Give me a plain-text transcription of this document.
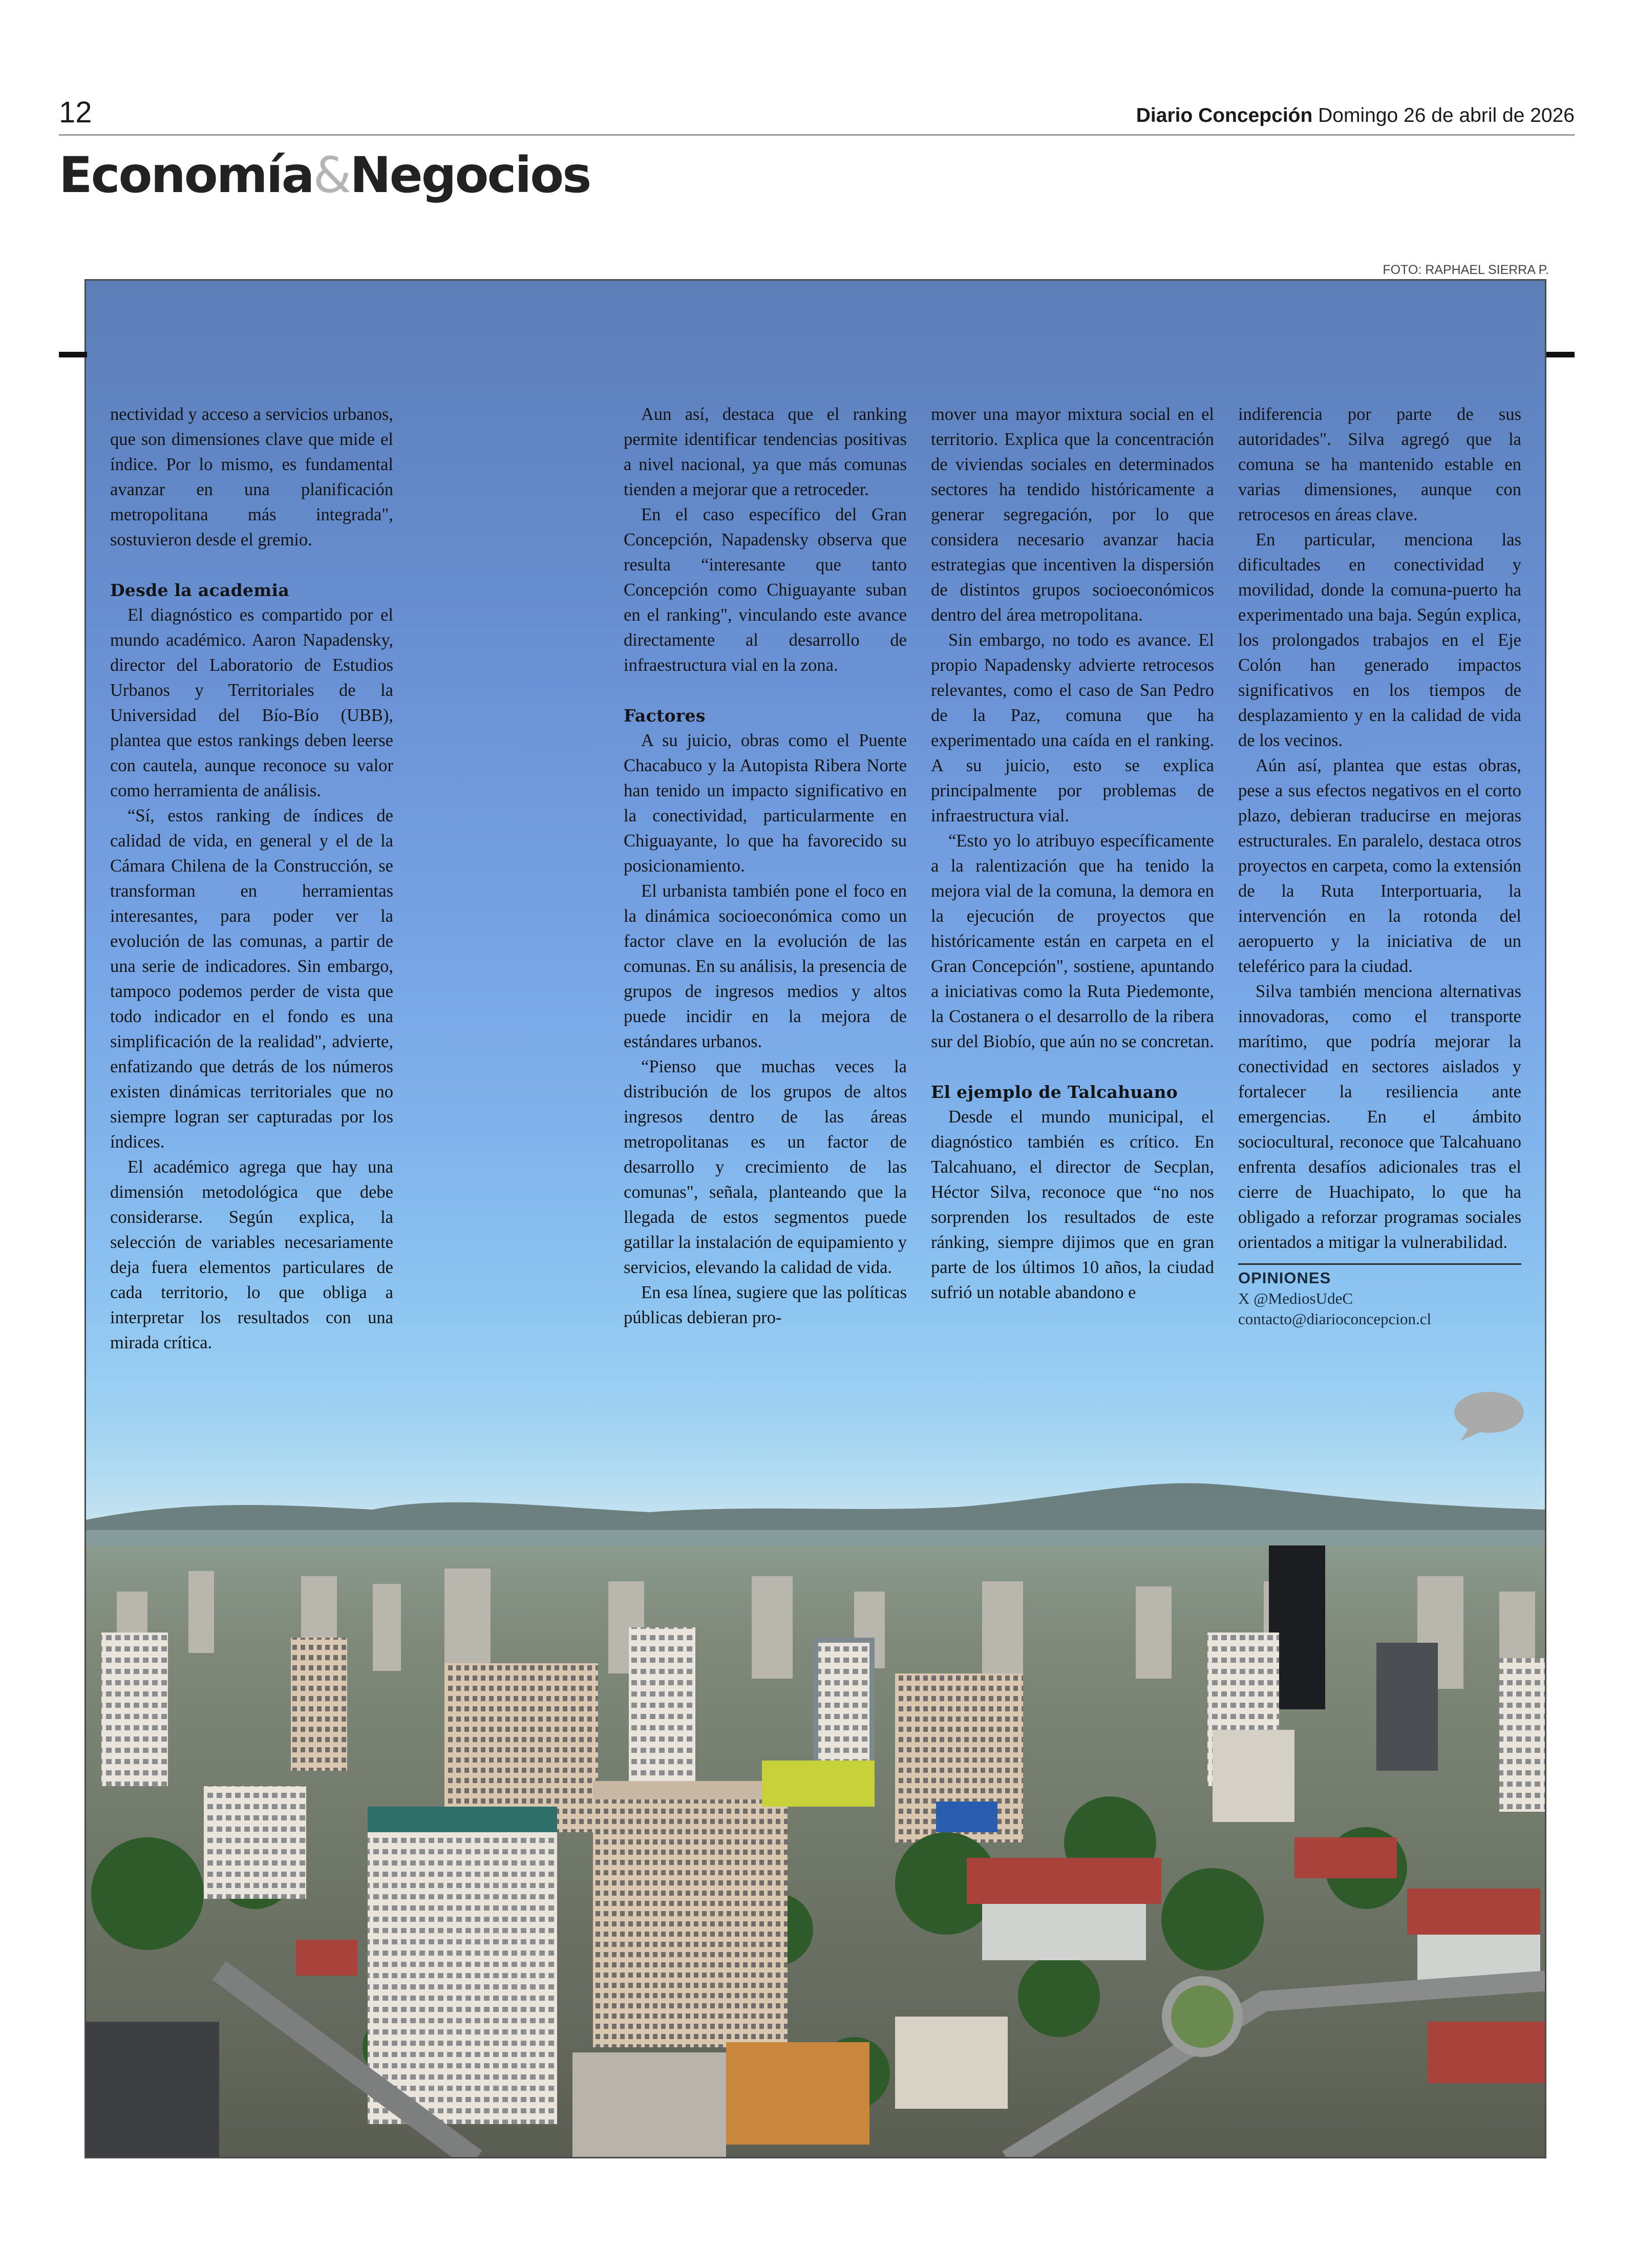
12	Diario Concepción Domingo 26 de abril de 2026
Economía&Negocios
FOTO: RAPHAEL SIERRA P.

nectividad y acceso a servicios urbanos, que son dimensiones clave que mide el índice. Por lo mismo, es fundamental avanzar en una planificación metropolitana más integrada", sostuvieron desde el gremio.

Desde la academia

El diagnóstico es compartido por el mundo académico. Aaron Napadensky, director del Laboratorio de Estudios Urbanos y Territoriales de la Universidad del Bío-Bío (UBB), plantea que estos rankings deben leerse con cautela, aunque reconoce su valor como herramienta de análisis.

“Sí, estos ranking de índices de calidad de vida, en general y el de la Cámara Chilena de la Construcción, se transforman en herramientas interesantes, para poder ver la evolución de las comunas, a partir de una serie de indicadores. Sin embargo, tampoco podemos perder de vista que todo indicador en el fondo es una simplificación de la realidad", advierte, enfatizando que detrás de los números existen dinámicas territoriales que no siempre logran ser capturadas por los índices.

El académico agrega que hay una dimensión metodológica que debe considerarse. Según explica, la selección de variables necesariamente deja fuera elementos particulares de cada territorio, lo que obliga a interpretar los resultados con una mirada crítica.

Aun así, destaca que el ranking permite identificar tendencias positivas a nivel nacional, ya que más comunas tienden a mejorar que a retroceder.

En el caso específico del Gran Concepción, Napadensky observa que resulta “interesante que tanto Concepción como Chiguayante suban en el ranking", vinculando este avance directamente al desarrollo de infraestructura vial en la zona.

Factores

A su juicio, obras como el Puente Chacabuco y la Autopista Ribera Norte han tenido un impacto significativo en la conectividad, particularmente en Chiguayante, lo que ha favorecido su posicionamiento.

El urbanista también pone el foco en la dinámica socioeconómica como un factor clave en la evolución de las comunas. En su análisis, la presencia de grupos de ingresos medios y altos puede incidir en la mejora de estándares urbanos.

“Pienso que muchas veces la distribución de los grupos de altos ingresos dentro de las áreas metropolitanas es un factor de desarrollo y crecimiento de las comunas", señala, planteando que la llegada de estos segmentos puede gatillar la instalación de equipamiento y servicios, elevando la calidad de vida.

En esa línea, sugiere que las políticas públicas debieran pro-

mover una mayor mixtura social en el territorio. Explica que la concentración de viviendas sociales en determinados sectores ha tendido históricamente a generar segregación, por lo que considera necesario avanzar hacia estrategias que incentiven la dispersión de distintos grupos socioeconómicos dentro del área metropolitana.

Sin embargo, no todo es avance. El propio Napadensky advierte retrocesos relevantes, como el caso de San Pedro de la Paz, comuna que ha experimentado una caída en el ranking. A su juicio, esto se explica principalmente por problemas de infraestructura vial.

“Esto yo lo atribuyo específicamente a la ralentización que ha tenido la mejora vial de la comuna, la demora en la ejecución de proyectos que históricamente están en carpeta en el Gran Concepción", sostiene, apuntando a iniciativas como la Ruta Piedemonte, la Costanera o el desarrollo de la ribera sur del Biobío, que aún no se concretan.

El ejemplo de Talcahuano

Desde el mundo municipal, el diagnóstico también es crítico. En Talcahuano, el director de Secplan, Héctor Silva, reconoce que “no nos sorprenden los resultados de este ránking, siempre dijimos que en gran parte de los últimos 10 años, la ciudad sufrió un notable abandono e

indiferencia por parte de sus autoridades". Silva agregó que la comuna se ha mantenido estable en varias dimensiones, aunque con retrocesos en áreas clave.

En particular, menciona las dificultades en conectividad y movilidad, donde la comuna-puerto ha experimentado una baja. Según explica, los prolongados trabajos en el Eje Colón han generado impactos significativos en los tiempos de desplazamiento y en la calidad de vida de los vecinos.

Aún así, plantea que estas obras, pese a sus efectos negativos en el corto plazo, debieran traducirse en mejoras estructurales. En paralelo, destaca otros proyectos en carpeta, como la extensión de la Ruta Interportuaria, la intervención en la rotonda del aeropuerto y la iniciativa de un teleférico para la ciudad.

Silva también menciona alternativas innovadoras, como el transporte marítimo, que podría mejorar la conectividad en sectores aislados y fortalecer la resiliencia ante emergencias. En el ámbito sociocultural, reconoce que Talcahuano enfrenta desafíos adicionales tras el cierre de Huachipato, lo que ha obligado a reforzar programas sociales orientados a mitigar la vulnerabilidad.

OPINIONES
X @MediosUdeC
contacto@diarioconcepcion.cl
